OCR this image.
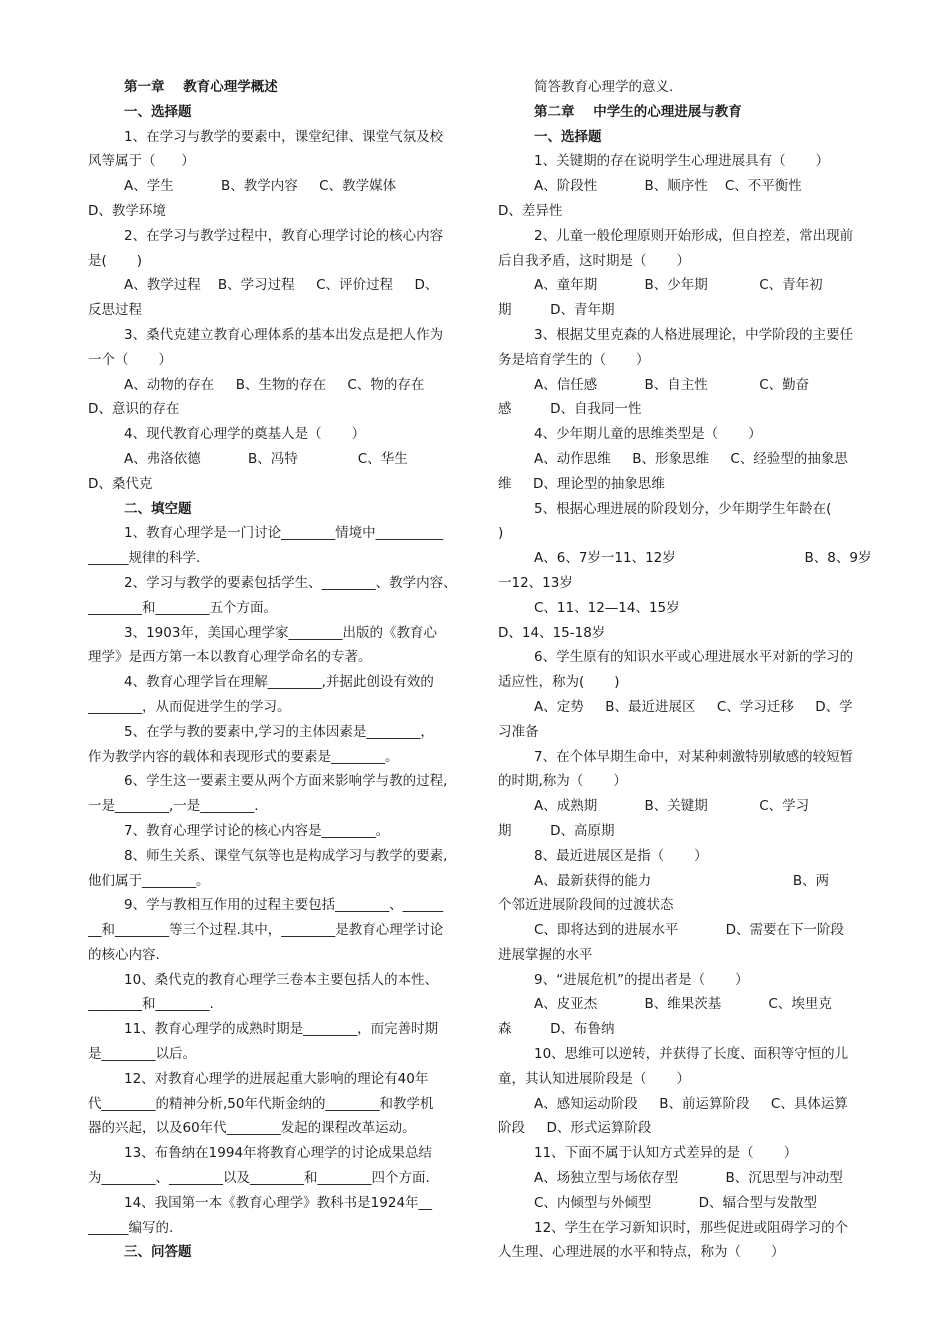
第一章    教育心理学概述
一、选择题
1、在学习与教学的要素中，课堂纪律、课堂气氛及校
风等属于（      ）
A、学生           B、教学内容     C、教学媒体
D、教学环境
2、在学习与教学过程中，教育心理学讨论的核心内容
是(       )
A、教学过程    B、学习过程     C、评价过程     D、
反思过程
3、桑代克建立教育心理体系的基本出发点是把人作为
一个（       ）
A、动物的存在     B、生物的存在     C、物的存在
D、意识的存在
4、现代教育心理学的奠基人是（       ）
A、弗洛依德           B、冯特              C、华生
D、桑代克
二、填空题
1、教育心理学是一门讨论________情境中__________
______规律的科学.
2、学习与教学的要素包括学生、________、教学内容、
________和________五个方面。
3、1903年，美国心理学家________出版的《教育心
理学》是西方第一本以教育心理学命名的专著。
4、教育心理学旨在理解________,并据此创设有效的
________，从而促进学生的学习。
5、在学与教的要素中,学习的主体因素是________，
作为教学内容的载体和表现形式的要素是________。
6、学生这一要素主要从两个方面来影响学与教的过程,
一是________,一是________.
7、教育心理学讨论的核心内容是________。
8、师生关系、课堂气氛等也是构成学习与教学的要素,
他们属于________。
9、学与教相互作用的过程主要包括________、______
__和________等三个过程.其中，________是教育心理学讨论
的核心内容.
10、桑代克的教育心理学三卷本主要包括人的本性、
________和________.
11、教育心理学的成熟时期是________，而完善时期
是________以后。
12、对教育心理学的进展起重大影响的理论有40年
代________的精神分析,50年代斯金纳的________和教学机
器的兴起，以及60年代________发起的课程改革运动。
13、布鲁纳在1994年将教育心理学的讨论成果总结
为________、________以及________和________四个方面.
14、我国第一本《教育心理学》教科书是1924年__
______编写的.
三、问答题
简答教育心理学的意义.
第二章    中学生的心理进展与教育
一、选择题
1、关键期的存在说明学生心理进展具有（       ）
A、阶段性           B、顺序性    C、不平衡性
D、差异性
2、儿童一般伦理原则开始形成，但自控差，常出现前
后自我矛盾，这时期是（       ）
A、童年期           B、少年期            C、青年初
期         D、青年期
3、根据艾里克森的人格进展理论，中学阶段的主要任
务是培育学生的（       ）
A、信任感           B、自主性            C、勤奋
感         D、自我同一性
4、少年期儿童的思维类型是（       ）
A、动作思维     B、形象思维     C、经验型的抽象思
维     D、理论型的抽象思维
5、根据心理进展的阶段划分，少年期学生年龄在(
)
A、6、7岁一11、12岁                              B、8、9岁
一12、13岁
C、11、12—14、15岁
D、14、15-18岁
6、学生原有的知识水平或心理进展水平对新的学习的
适应性，称为(       )
A、定势     B、最近进展区     C、学习迁移     D、学
习准备
7、在个体早期生命中，对某种刺激特别敏感的较短暂
的时期,称为（       ）
A、成熟期           B、关键期            C、学习
期         D、高原期
8、最近进展区是指（       ）
A、最新获得的能力                                 B、两
个邻近进展阶段间的过渡状态
C、即将达到的进展水平           D、需要在下一阶段
进展掌握的水平
9、“进展危机”的提出者是（       ）
A、皮亚杰           B、维果茨基           C、埃里克
森         D、布鲁纳
10、思维可以逆转，并获得了长度、面积等守恒的儿
童，其认知进展阶段是（       ）
A、感知运动阶段     B、前运算阶段     C、具体运算
阶段     D、形式运算阶段
11、下面不属于认知方式差异的是（       ）
A、场独立型与场依存型           B、沉思型与冲动型
C、内倾型与外倾型           D、辐合型与发散型
12、学生在学习新知识时，那些促进或阻碍学习的个
人生理、心理进展的水平和特点，称为（       ）
